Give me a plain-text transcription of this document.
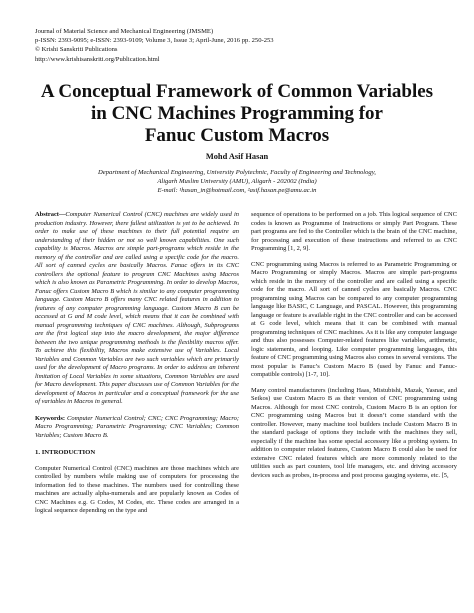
Journal of Material Science and Mechanical Engineering (JMSME)
p-ISSN: 2393-9095; e-ISSN: 2393-9109; Volume 3, Issue 3; April-June, 2016 pp. 250-253
© Krishi Sanskriti Publications
http://www.krishisanskriti.org/Publication.html
A Conceptual Framework of Common Variables
in CNC Machines Programming for
Fanuc Custom Macros
Mohd Asif Hasan
Department of Mechanical Engineering, University Polytechnic, Faculty of Engineering and Technology,
Aligarh Muslim University (AMU), Aligarh - 202002 (India)
E-mail: ¹hasan_in@hotmail.com, ²asif.hasan.pe@amu.ac.in
Abstract—Computer Numerical Control (CNC) machines are widely used in production industry. However, there fullest utilization is yet to be achieved. In order to make use of these machines to their full potential require an understanding of their hidden or not so well known capabilities. One such capability is Macros. Macros are simple part-programs which reside in the memory of the controller and are called using a specific code for the macro. All sort of canned cycles are basically Macros. Fanuc offers in its CNC controllers the optional feature to program CNC Machines using Macros which is also known as Parametric Programming. In order to develop Macros, Fanuc offers Custom Macro B which is similar to any computer programming language. Custom Macro B offers many CNC related features in addition to features of any computer programming language. Custom Macro B can be accessed at G and M code level, which means that it can be combined with manual programming techniques of CNC machines. Although, Subprograms are the first logical step into the macro development, the major difference between the two unique programming methods is the flexibility macros offer. To achieve this flexibility, Macros make extensive use of Variables. Local Variables and Common Variables are two such variables which are primarily used for the development of Macro programs. In order to address an inherent limitation of Local Variables in some situations, Common Variables are used for Macro development. This paper discusses use of Common Variables for the development of Macros in particular and a conceptual framework for the use of variables in Macros in general.
Keywords: Computer Numerical Control; CNC; CNC Programming; Macro; Macro Programming; Parametric Programming; CNC Variables; Common Variables; Custom Macro B.
1. INTRODUCTION
Computer Numerical Control (CNC) machines are those machines which are controlled by numbers while making use of computers for processing the information fed to these machines. The numbers used for controlling these machines are actually alpha-numerals and are popularly known as Codes of CNC Machines e.g. G Codes, M Codes, etc. These codes are arranged in a logical sequence depending on the type and
sequence of operations to be performed on a job. This logical sequence of CNC codes is known as Programme of Instructions or simply Part Program. These part programs are fed to the Controller which is the brain of the CNC machine, for processing and execution of these instructions and referred to as CNC Programming [1, 2, 9].
CNC programming using Macros is referred to as Parametric Programming or Macro Programming or simply Macros. Macros are simple part-programs which reside in the memory of the controller and are called using a specific code for the macro. All sort of canned cycles are basically Macros. CNC programming using Macros can be compared to any computer programming language like BASIC, C Language, and PASCAL. However, this programming language or feature is available right in the CNC controller and can be accessed at G code level, which means that it can be combined with manual programming techniques of CNC machines. As it is like any computer language and thus also possesses Computer-related features like variables, arithmetic, logic statements, and looping. Like computer programming languages, this feature of CNC programming using Macros also comes in several versions. The most popular is Fanuc’s Custom Macro B (used by Fanuc and Fanuc-compatible controls) [1-7, 10].
Many control manufacturers (including Haas, Mistubishi, Mazak, Yasnac, and Seikos) use Custom Macro B as their version of CNC programming using Macros. Although for most CNC controls, Custom Macro B is an option for CNC programming using Macros but it doesn’t come standard with the controller. However, many machine tool builders include Custom Macro B in the standard package of options they include with the machines they sell, especially if the machine has some special accessory like a probing system. In addition to computer related features, Custom Macro B could also be used for extensive CNC related features which are more commonly related to the utilities such as part counters, tool life managers, etc. and driving accessory devices such as probes, in-process and post process gauging systems, etc. [5,
